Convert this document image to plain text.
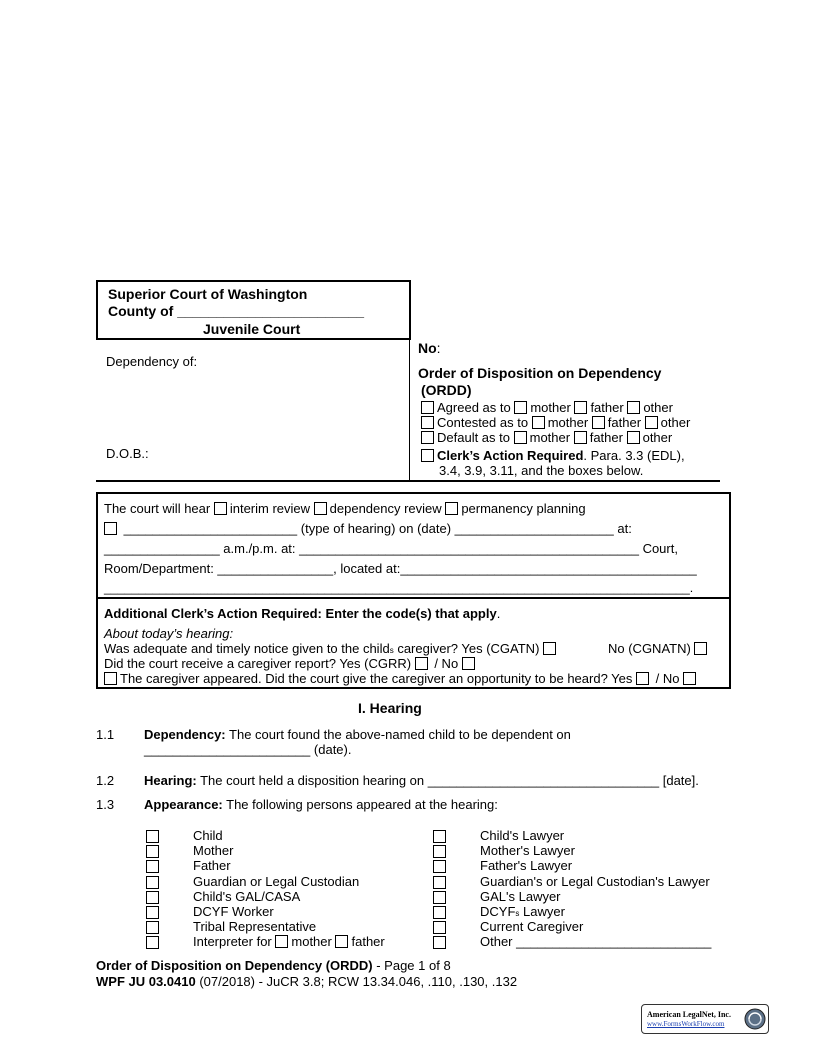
Superior Court of Washington
County of ________________________
Juvenile Court
Dependency of:
D.O.B.:
No:
Order of Disposition on Dependency
(ORDD)
Agreed as to mother father other
Contested as to mother father other
Default as to mother father other
Clerk’s Action Required. Para. 3.3 (EDL),
3.4, 3.9, 3.11, and the boxes below.
The court will hear interim review dependency review permanency planning
________________________ (type of hearing) on (date) ______________________ at:
________________ a.m./p.m. at: _______________________________________________ Court,
Room/Department: ________________, located at:_________________________________________
_____________________________________________________________________________________.
Additional Clerk’s Action Required: Enter the code(s) that apply.
About today’s hearing:
Was adequate and timely notice given to the childs caregiver? Yes (CGATN)	No (CGNATN)
Did the court receive a caregiver report? Yes (CGRR) / No
The caregiver appeared. Did the court give the caregiver an opportunity to be heard? Yes / No
I. Hearing
1.1 Dependency: The court found the above-named child to be dependent on
_______________________ (date).
1.2 Hearing: The court held a disposition hearing on ________________________________ [date].
1.3 Appearance: The following persons appeared at the hearing:
Child
Mother
Father
Guardian or Legal Custodian
Child's GAL/CASA
DCYF Worker
Tribal Representative
Interpreter for mother father
Child's Lawyer
Mother's Lawyer
Father's Lawyer
Guardian's or Legal Custodian's Lawyer
GAL's Lawyer
DCYFs Lawyer
Current Caregiver
Other ___________________________
Order of Disposition on Dependency (ORDD) - Page 1 of 8
WPF JU 03.0410 (07/2018) - JuCR 3.8; RCW 13.34.046, .110, .130, .132
American LegalNet, Inc.
www.FormsWorkFlow.com
